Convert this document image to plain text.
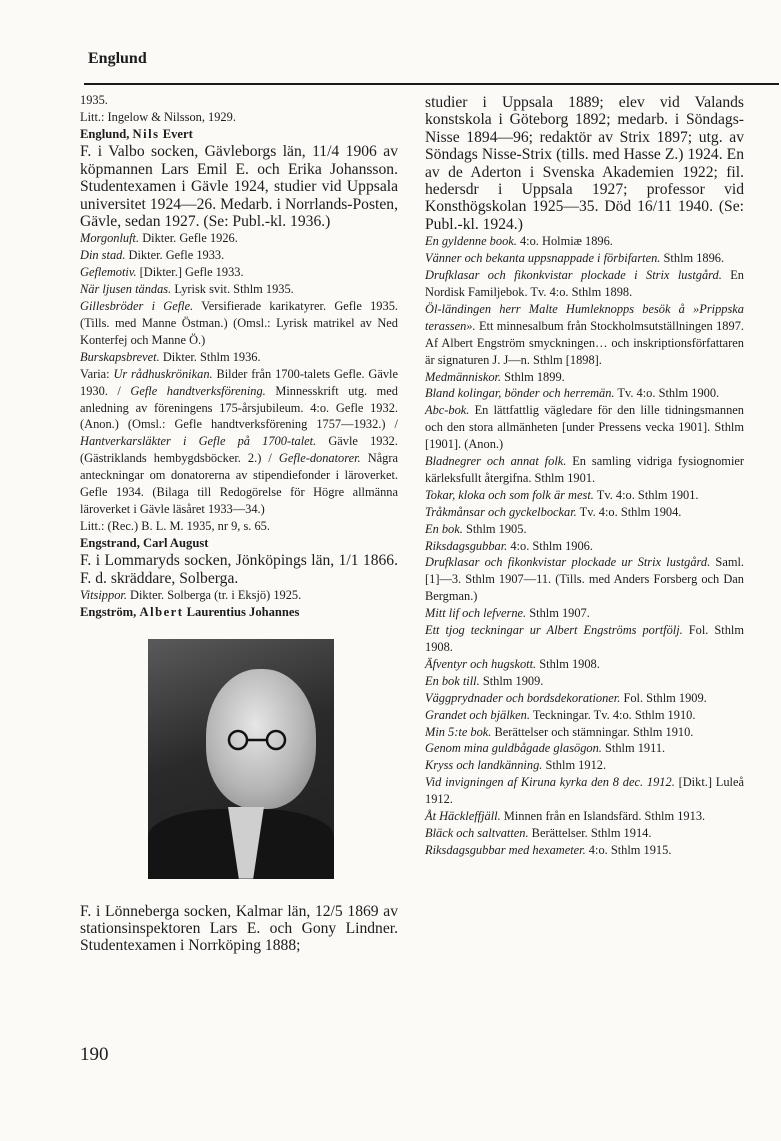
Englund
1935.
Litt.: Ingelow & Nilsson, 1929.
Englund, Nils Evert
F. i Valbo socken, Gävleborgs län, 11/4 1906 av köpmannen Lars Emil E. och Erika Johansson. Studentexamen i Gävle 1924, studier vid Uppsala universitet 1924—26. Medarb. i Norrlands-Posten, Gävle, sedan 1927. (Se: Publ.-kl. 1936.)
Morgonluft. Dikter. Gefle 1926.
Din stad. Dikter. Gefle 1933.
Geflemotiv. [Dikter.] Gefle 1933.
När ljusen tändas. Lyrisk svit. Sthlm 1935.
Gillesbröder i Gefle. Versifierade karikatyrer. Gefle 1935. (Tills. med Manne Östman.) (Omsl.: Lyrisk matrikel av Ned Konterfej och Manne Ö.)
Burskapsbrevet. Dikter. Sthlm 1936.
Varia: Ur rådhuskrönikan. Bilder från 1700-talets Gefle. Gävle 1930. / Gefle handtverksförening. Minnesskrift utg. med anledning av föreningens 175-årsjubileum. 4:o. Gefle 1932. (Anon.) (Omsl.: Gefle handtverksförening 1757—1932.) / Hantverkarsläkter i Gefle på 1700-talet. Gävle 1932. (Gästriklands hembygdsböcker. 2.) / Gefle-donatorer. Några anteckningar om donatorerna av stipendiefonder i läroverket. Gefle 1934. (Bilaga till Redogörelse för Högre allmänna läroverket i Gävle läsåret 1933—34.)
Litt.: (Rec.) B. L. M. 1935, nr 9, s. 65.
Engstrand, Carl August
F. i Lommaryds socken, Jönköpings län, 1/1 1866. F. d. skräddare, Solberga.
Vitsippor. Dikter. Solberga (tr. i Eksjö) 1925.
Engström, Albert Laurentius Johannes
F. i Lönneberga socken, Kalmar län, 12/5 1869 av stationsinspektoren Lars E. och Gony Lindner. Studentexamen i Norrköping 1888;
studier i Uppsala 1889; elev vid Valands konstskola i Göteborg 1892; medarb. i Söndags-Nisse 1894—96; redaktör av Strix 1897; utg. av Söndags Nisse-Strix (tills. med Hasse Z.) 1924. En av de Aderton i Svenska Akademien 1922; fil. hedersdr i Uppsala 1927; professor vid Konsthögskolan 1925—35. Död 16/11 1940. (Se: Publ.-kl. 1924.)
En gyldenne book. 4:o. Holmiæ 1896.
Vänner och bekanta uppsnappade i förbifarten. Sthlm 1896.
Drufklasar och fikonkvistar plockade i Strix lustgård. En Nordisk Familjebok. Tv. 4:o. Sthlm 1898.
Öl-ländingen herr Malte Humleknopps besök å »Prippska terassen». Ett minnesalbum från Stockholmsutställningen 1897. Af Albert Engström smyckningen… och inskriptionsförfattaren är signaturen J. J—n. Sthlm [1898].
Medmänniskor. Sthlm 1899.
Bland kolingar, bönder och herremän. Tv. 4:o. Sthlm 1900.
Abc-bok. En lättfattlig vägledare för den lille tidningsmannen och den stora allmänheten [under Pressens vecka 1901]. Sthlm [1901]. (Anon.)
Bladnegrer och annat folk. En samling vidriga fysiognomier kärleksfullt återgifna. Sthlm 1901.
Tokar, kloka och som folk är mest. Tv. 4:o. Sthlm 1901.
Tråkmånsar och gyckelbockar. Tv. 4:o. Sthlm 1904.
En bok. Sthlm 1905.
Riksdagsgubbar. 4:o. Sthlm 1906.
Drufklasar och fikonkvistar plockade ur Strix lustgård. Saml. [1]—3. Sthlm 1907—11. (Tills. med Anders Forsberg och Dan Bergman.)
Mitt lif och lefverne. Sthlm 1907.
Ett tjog teckningar ur Albert Engströms portfölj. Fol. Sthlm 1908.
Äfventyr och hugskott. Sthlm 1908.
En bok till. Sthlm 1909.
Väggprydnader och bordsdekorationer. Fol. Sthlm 1909.
Grandet och bjälken. Teckningar. Tv. 4:o. Sthlm 1910.
Min 5:te bok. Berättelser och stämningar. Sthlm 1910.
Genom mina guldbågade glasögon. Sthlm 1911.
Kryss och landkänning. Sthlm 1912.
Vid invigningen af Kiruna kyrka den 8 dec. 1912. [Dikt.] Luleå 1912.
Åt Häckleffjäll. Minnen från en Islandsfärd. Sthlm 1913.
Bläck och saltvatten. Berättelser. Sthlm 1914.
Riksdagsgubbar med hexameter. 4:o. Sthlm 1915.
190
